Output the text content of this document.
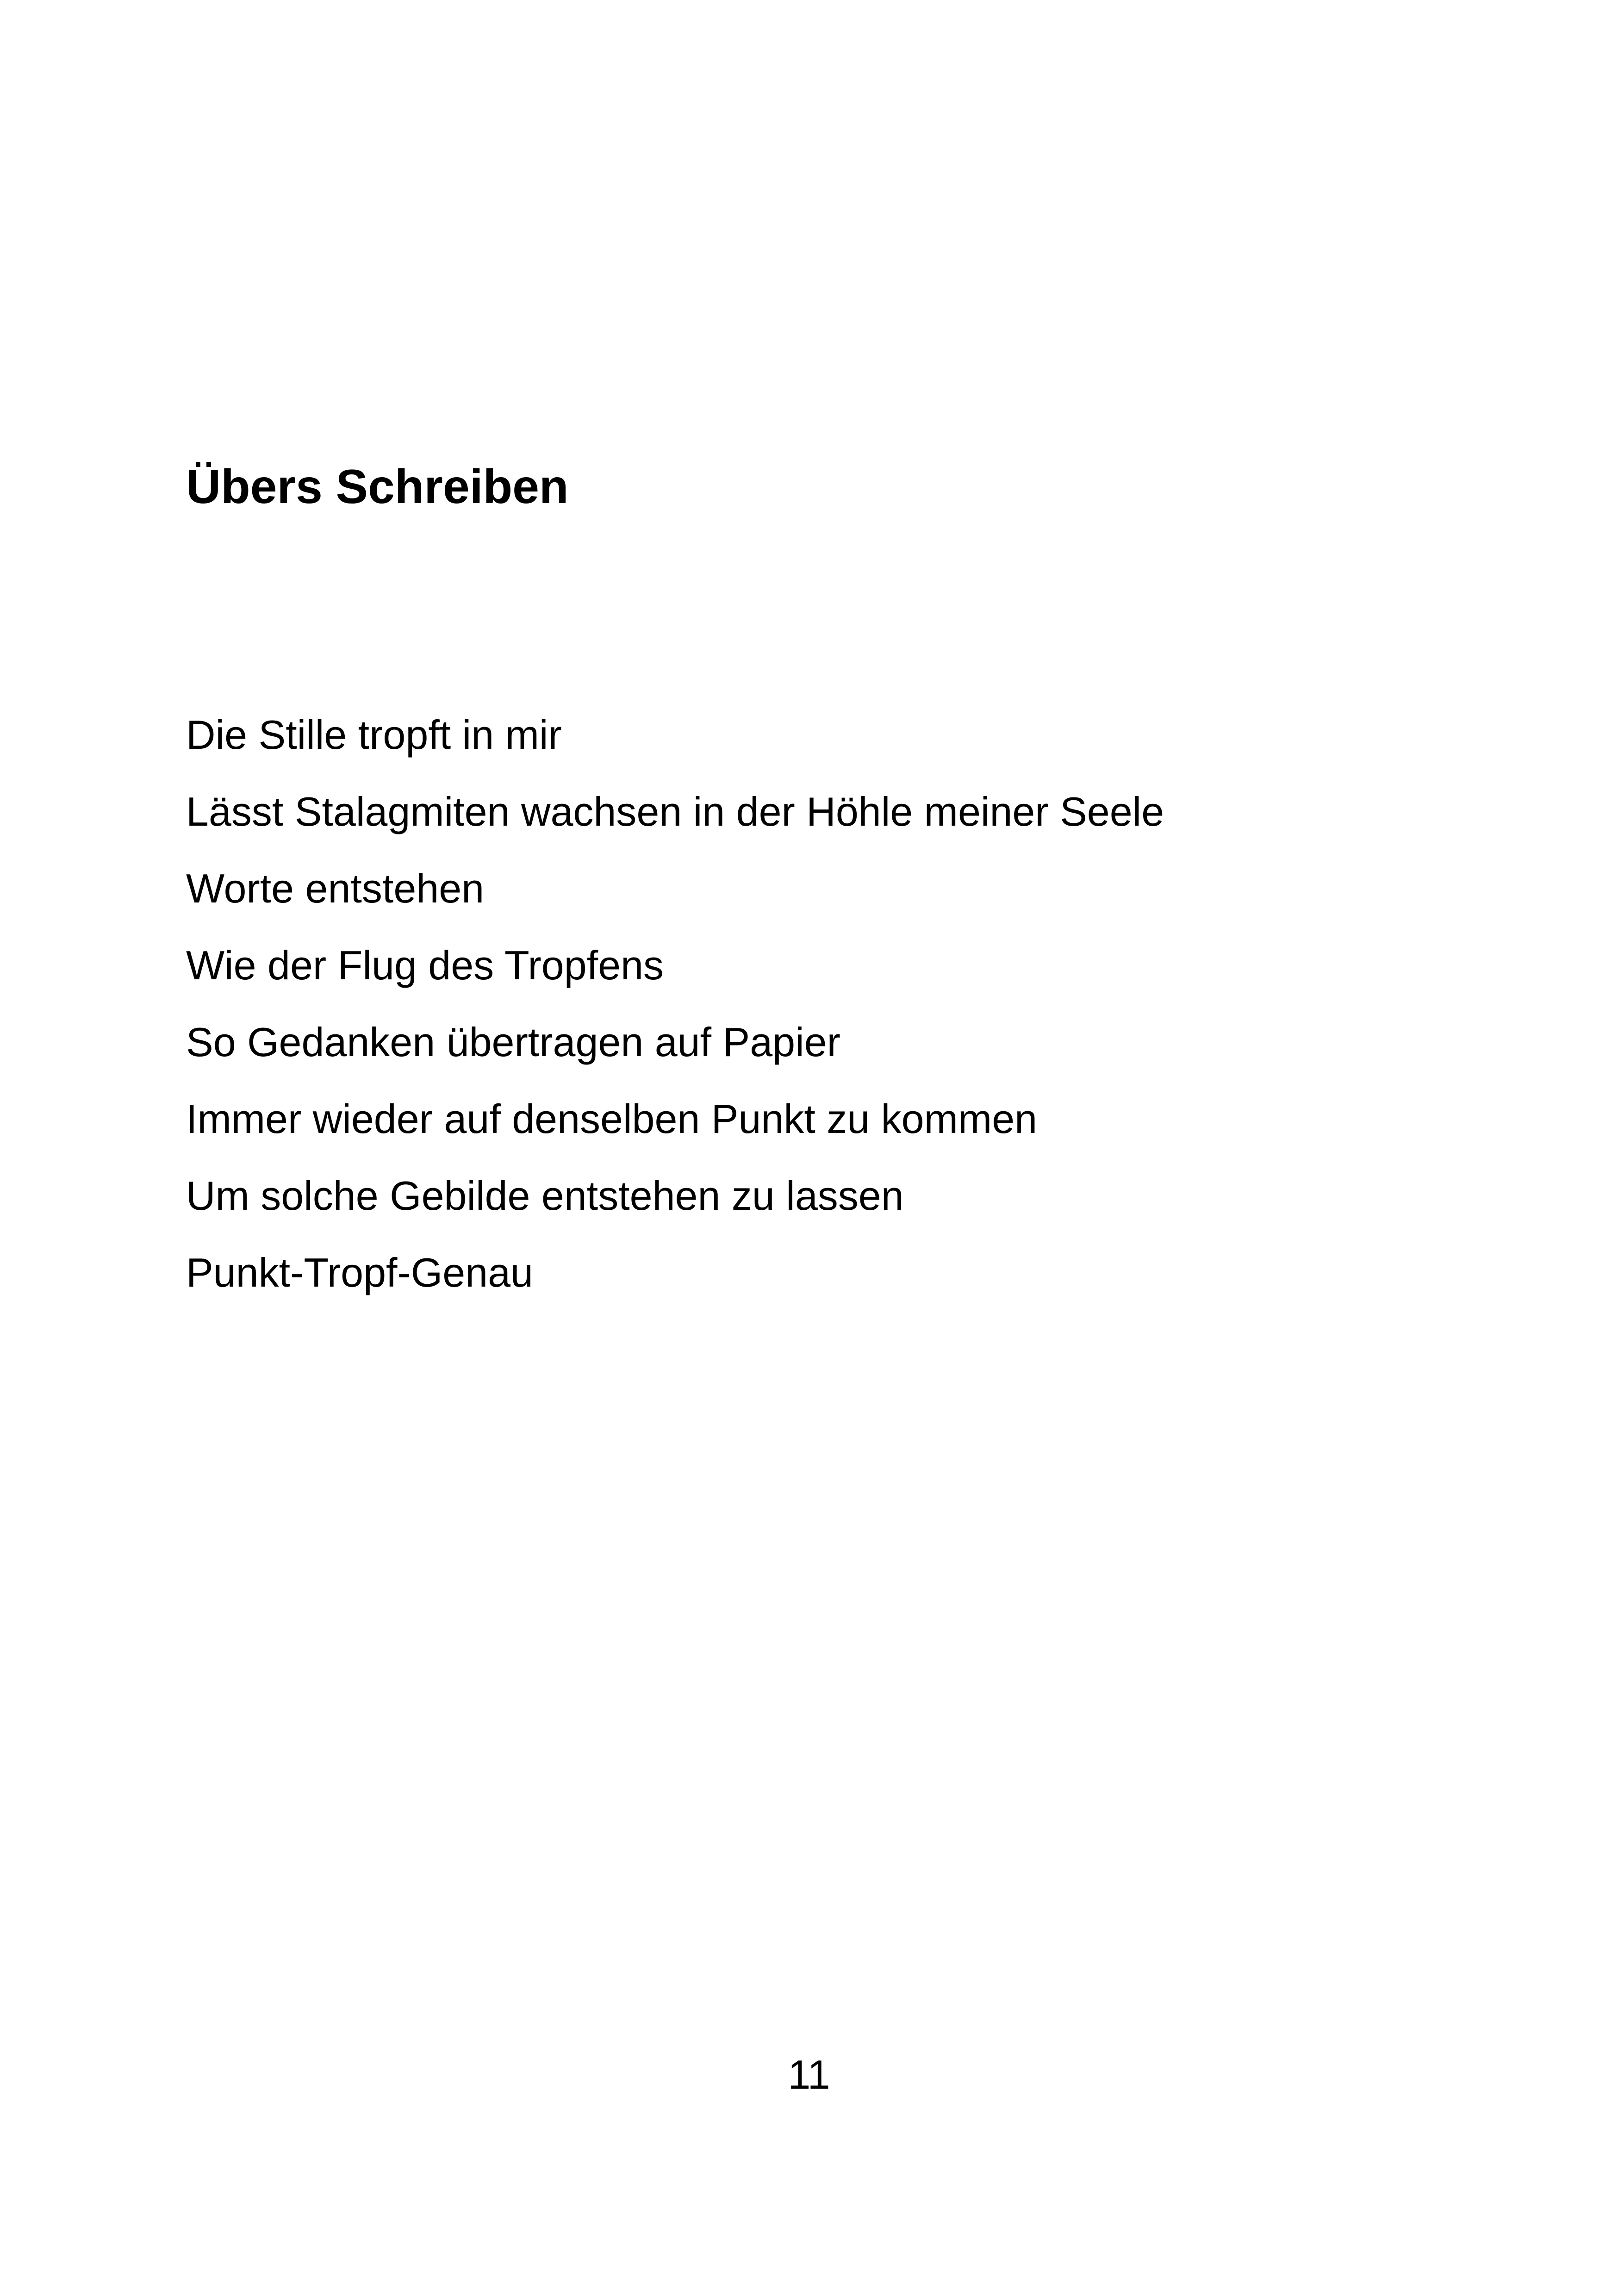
Übers Schreiben
Die Stille tropft in mir
Lässt Stalagmiten wachsen in der Höhle meiner Seele
Worte entstehen
Wie der Flug des Tropfens
So Gedanken übertragen auf Papier
Immer wieder auf denselben Punkt zu kommen
Um solche Gebilde entstehen zu lassen
Punkt-Tropf-Genau
11
